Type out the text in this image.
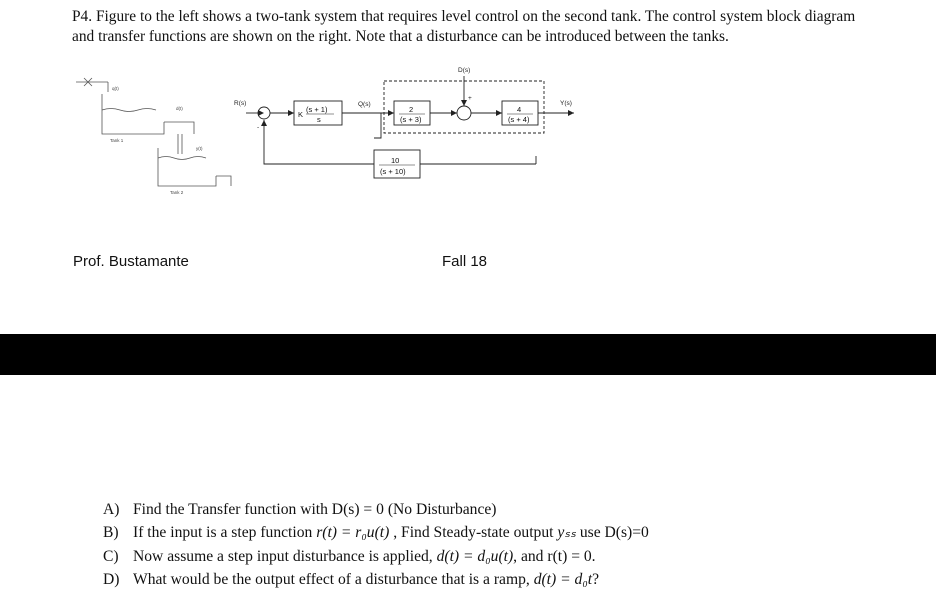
P4. Figure to the left shows a two-tank system that requires level control on the second tank. The control system block diagram and transfer functions are shown on the right. Note that a disturbance can be introduced between the tanks.
q(t)
d(t)
Tank 1
y(t)
Tank 2
R(s)
-
Q(s)
D(s)
+
Y(s)
K
(s + 1)
s
2
(s + 3)
4
(s + 4)
10
(s + 10)
Prof. Bustamante	Fall 18
A) Find the Transfer function with D(s) = 0 (No Disturbance)
B) If the input is a step function r(t) = r₀u(t) , Find Steady-state output yₛₛ use D(s)=0
C) Now assume a step input disturbance is applied, d(t) = d₀u(t), and r(t) = 0.
D) What would be the output effect of a disturbance that is a ramp, d(t) = d₀t?
